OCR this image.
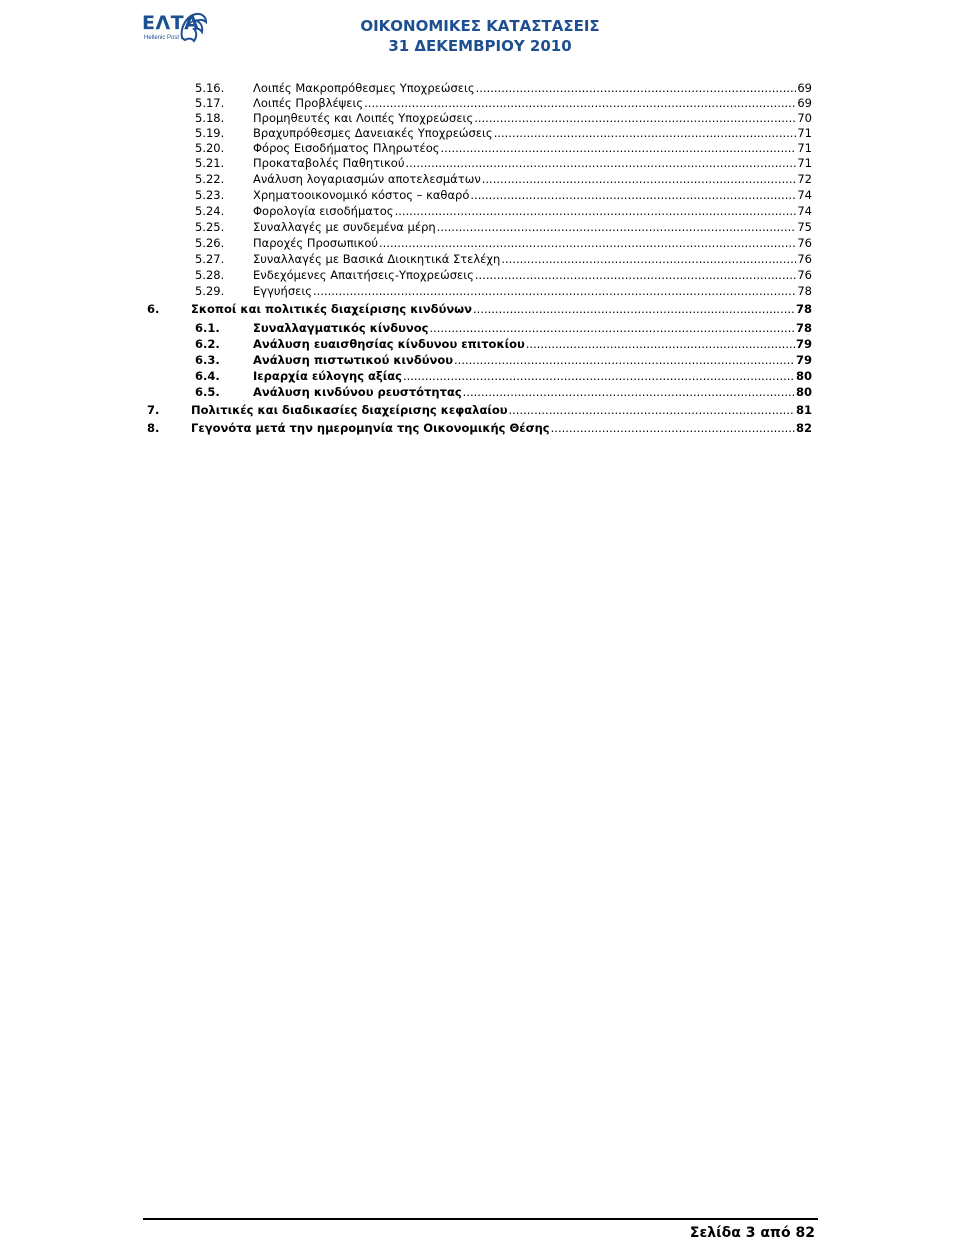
ΕΛΤΑ
Hellenic Post
ΟΙΚΟΝΟΜΙΚΕΣ ΚΑΤΑΣΤΑΣΕΙΣ
31 ΔΕΚΕΜΒΡΙΟΥ 2010
5.16.	Λοιπές Μακροπρόθεσμες Υποχρεώσεις .....	69
5.17.	Λοιπές Προβλέψεις .....	69
5.18.	Προμηθευτές και Λοιπές Υποχρεώσεις .....	70
5.19.	Βραχυπρόθεσμες Δανειακές Υποχρεώσεις .....	71
5.20.	Φόρος Εισοδήματος Πληρωτέος .....	71
5.21.	Προκαταβολές Παθητικού .....	71
5.22.	Ανάλυση λογαριασμών αποτελεσμάτων .....	72
5.23.	Χρηματοοικονομικό κόστος – καθαρό .....	74
5.24.	Φορολογία εισοδήματος .....	74
5.25.	Συναλλαγές με συνδεμένα μέρη .....	75
5.26.	Παροχές Προσωπικού .....	76
5.27.	Συναλλαγές με Βασικά Διοικητικά Στελέχη .....	76
5.28.	Ενδεχόμενες Απαιτήσεις-Υποχρεώσεις .....	76
5.29.	Εγγυήσεις .....	78
6.	Σκοποί και πολιτικές διαχείρισης κινδύνων .....	78
6.1.	Συναλλαγματικός κίνδυνος .....	78
6.2.	Ανάλυση ευαισθησίας κίνδυνου επιτοκίου .....	79
6.3.	Ανάλυση πιστωτικού κινδύνου .....	79
6.4.	Ιεραρχία εύλογης αξίας .....	80
6.5.	Ανάλυση κινδύνου ρευστότητας .....	80
7.	Πολιτικές και διαδικασίες διαχείρισης κεφαλαίου .....	81
8.	Γεγονότα μετά την ημερομηνία της Οικονομικής Θέσης .....	82
Σελίδα 3 από 82
